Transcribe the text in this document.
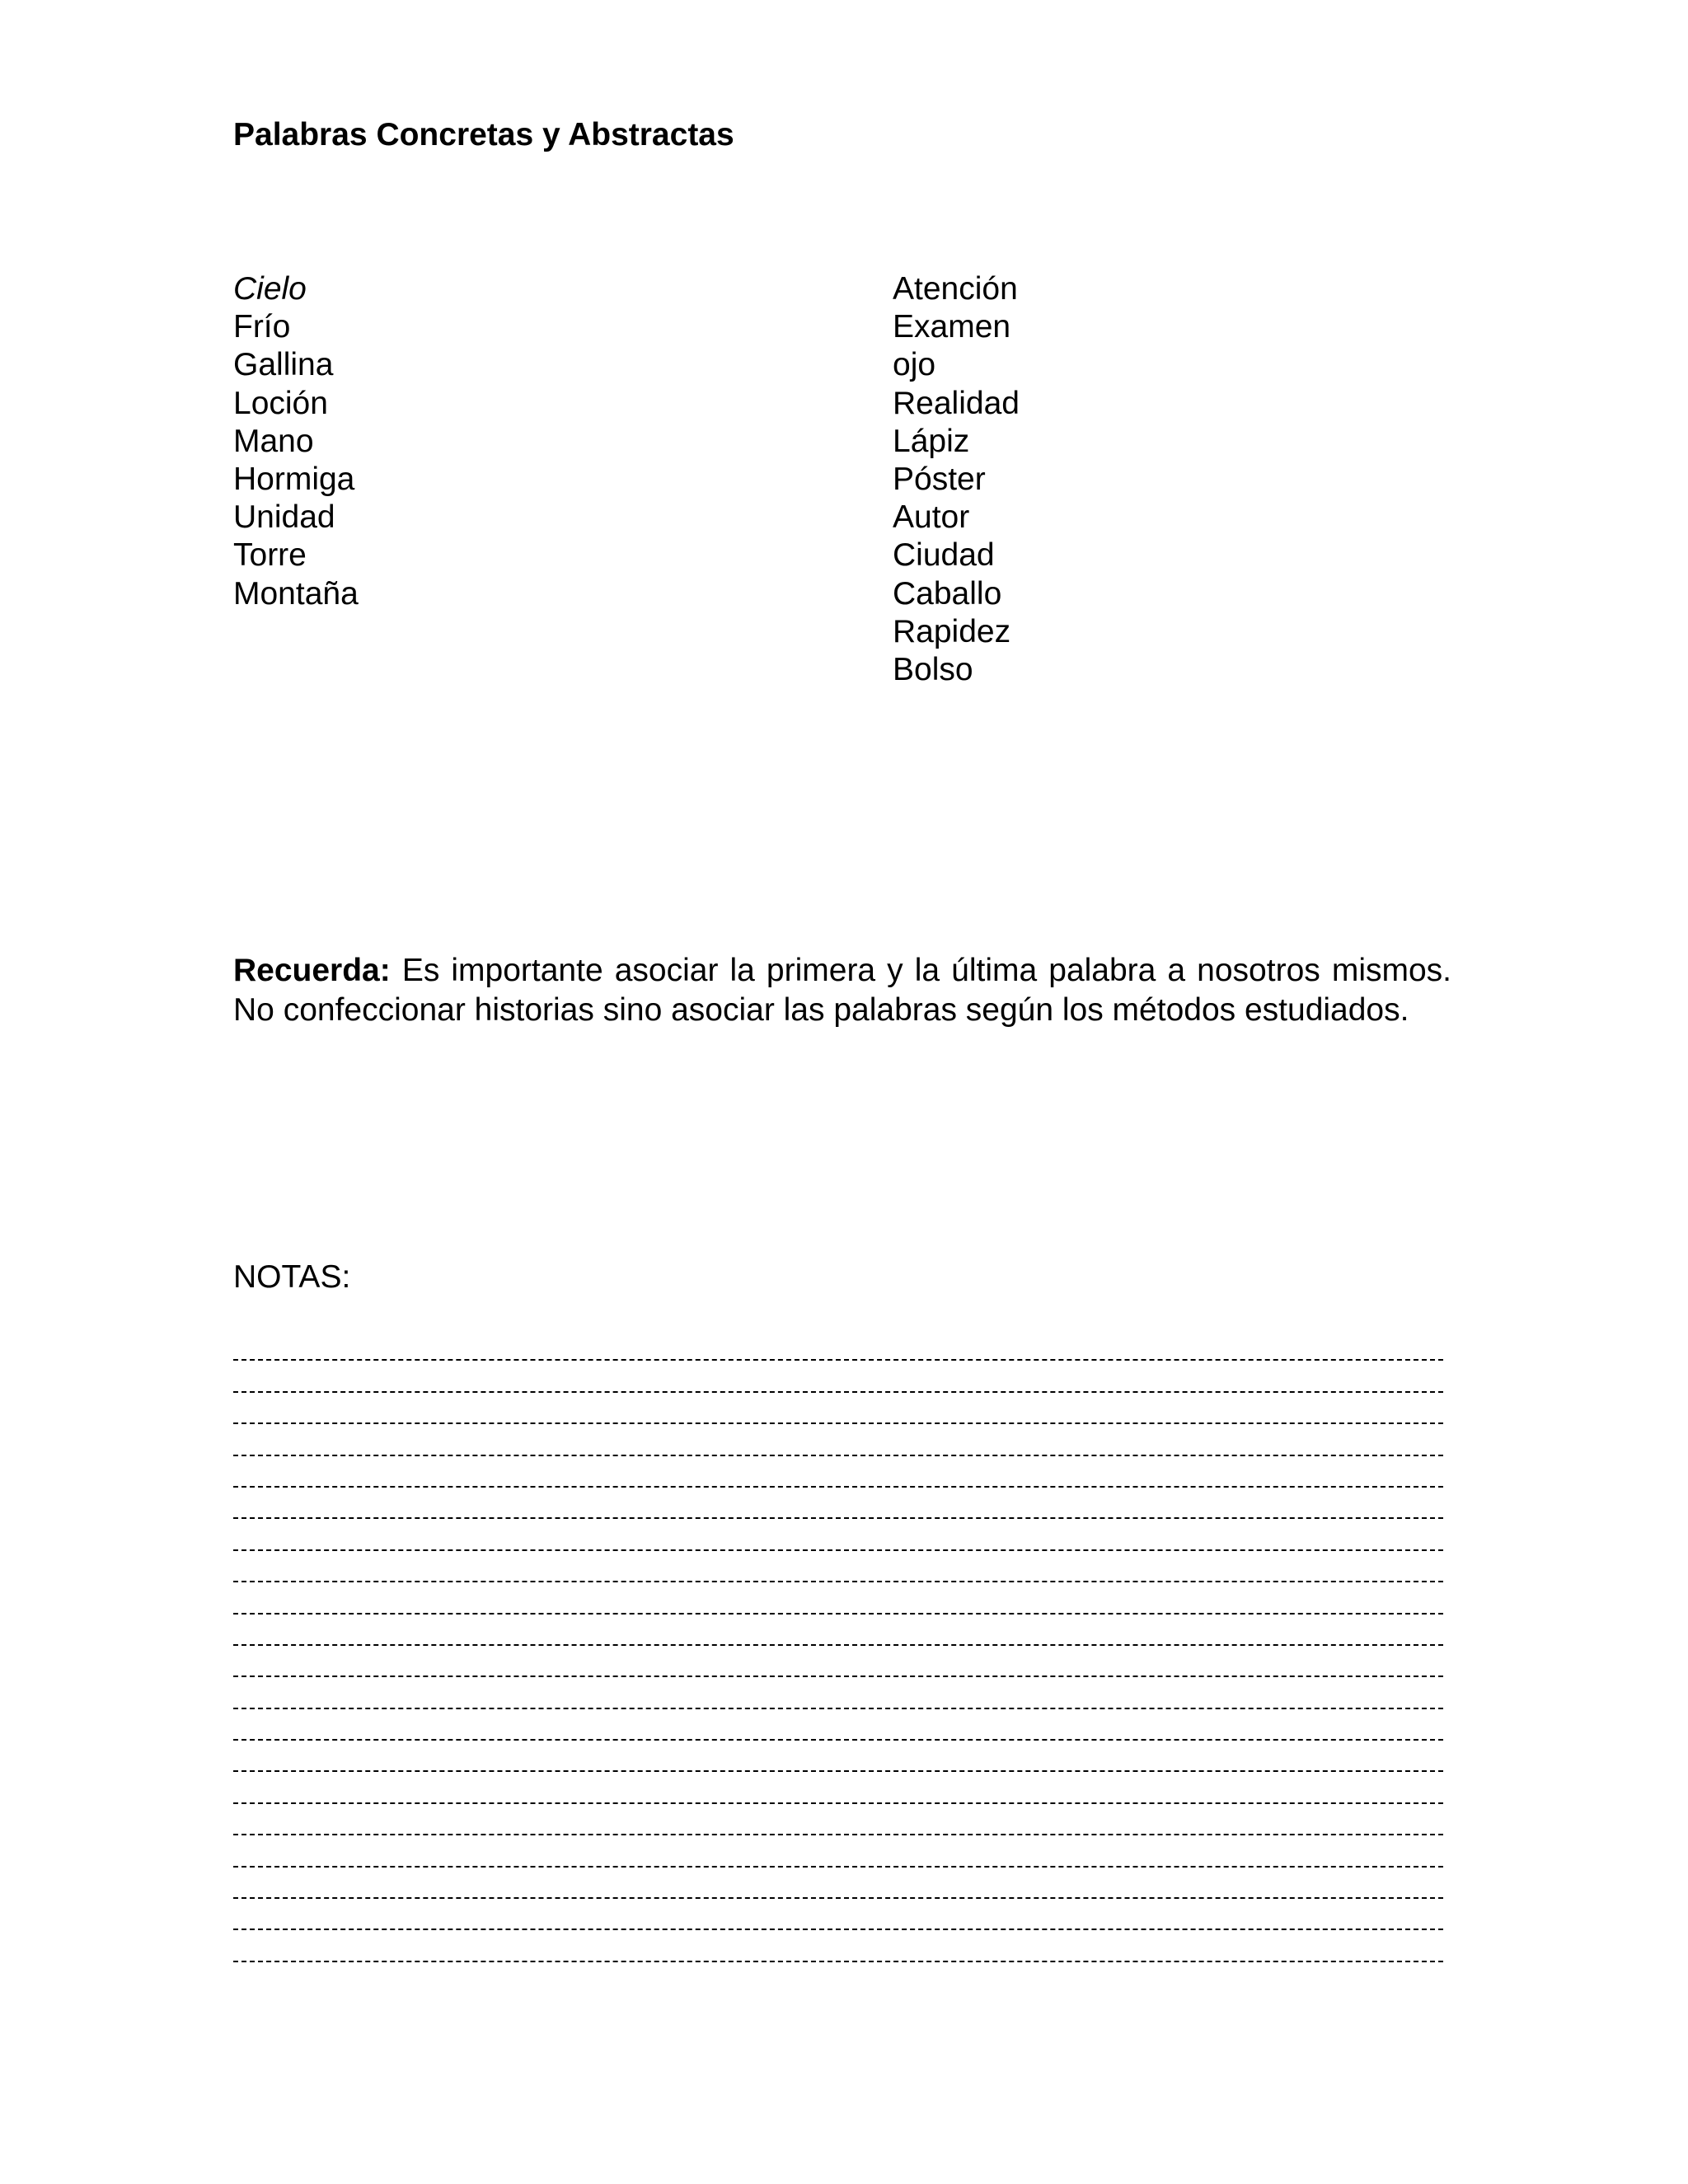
Palabras Concretas y Abstractas
Cielo
Frío
Gallina
Loción
Mano
Hormiga
Unidad
Torre
Montaña
Atención
Examen
ojo
Realidad
Lápiz
Póster
Autor
Ciudad
Caballo
Rapidez
Bolso

Recuerda: Es importante asociar la primera y la última palabra a nosotros mismos. No confeccionar historias sino asociar las palabras según los métodos estudiados.

NOTAS:
